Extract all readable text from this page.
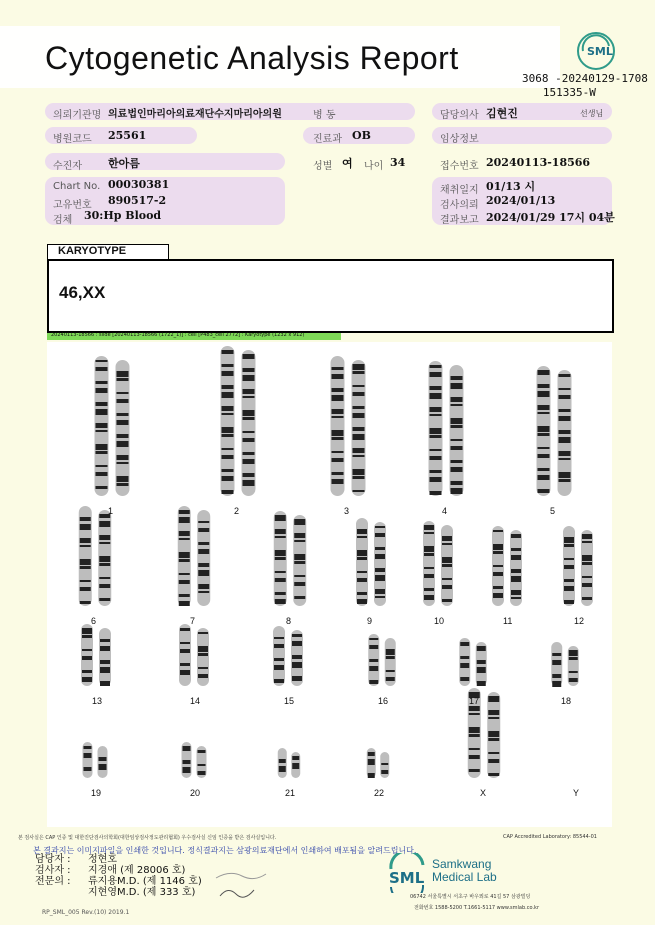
Cytogenetic Analysis Report	SML
3068 -20240129-1708
151335-W
의뢰기관명 의료법인마리아의료재단수지마리아의원	병 동	담당의사 김현진	선생님
병원코드 25561	진료과 OB	임상정보
수진자 한아름	성별 여 나이 34	접수번호 20240113-18566
Chart No. 00030381
고유번호 890517-2
검체 30:Hp Blood
채취일지 01/13 시
검사의뢰 2024/01/13
결과보고 2024/01/29 17시 04분
KARYOTYPE
46,XX
20240113-18566 : slide [20240113-18566 (1722_1)] : cell [P483_cell 2772] : Karyotype (1232 x 912)
1	2	3	4	5
6	7	8	9	10	11	12
13	14	15	16	17	18
19	20	21	22	X	Y
본 검사실은 CAP 인증 및 대한진단검사의학회(대한임상검사정도관리협회) 우수검사실 신임 인증을 받은 검사실입니다.	CAP Accredited Laboratory: 85544-01
본 결과지는 이미지파일을 인쇄한 것입니다. 정식결과지는 삼광의료재단에서 인쇄하여 배포됨을 알려드립니다.
담당자 : 정현호
검사자 : 지경애 (제 28006 호)
전문의 : 류지용M.D. (제 1146 호)
지현영M.D. (제 333 호)
RP_SML_005 Rev.(10) 2019.1
SML
Samkwang
Medical Lab
06742 서울특별시 서초구 바우뫼로 41길 57 삼광빌딩
전화번호 1588-5200 T.1661-5117 www.smlab.co.kr
